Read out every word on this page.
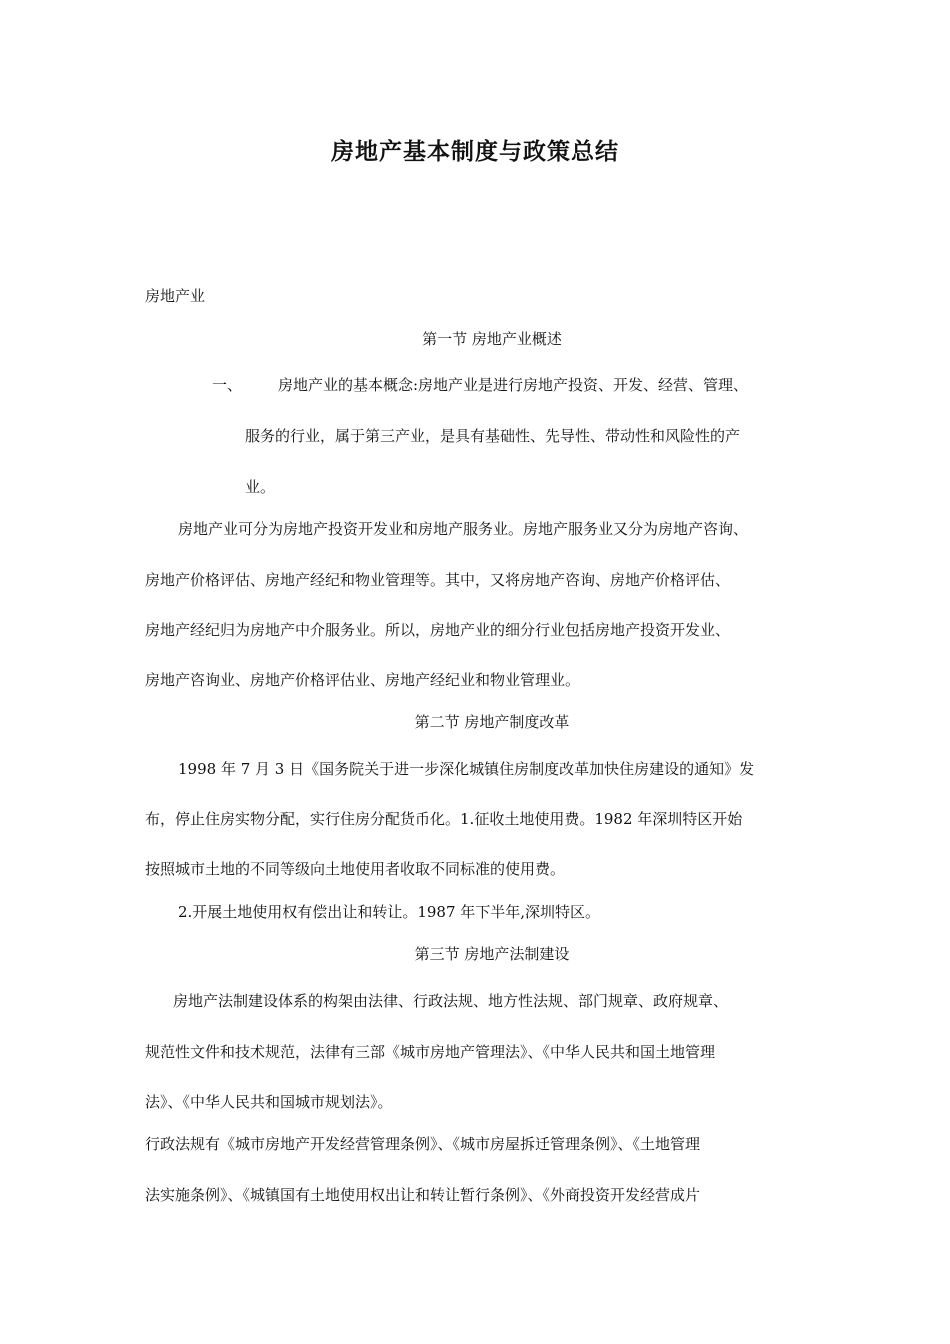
房地产基本制度与政策总结
房地产业
第一节 房地产业概述
一、 房地产业的基本概念:房地产业是进行房地产投资、开发、经营、管理、
服务的行业，属于第三产业，是具有基础性、先导性、带动性和风险性的产
业。
房地产业可分为房地产投资开发业和房地产服务业。房地产服务业又分为房地产咨询、
房地产价格评估、房地产经纪和物业管理等。其中，又将房地产咨询、房地产价格评估、
房地产经纪归为房地产中介服务业。所以，房地产业的细分行业包括房地产投资开发业、
房地产咨询业、房地产价格评估业、房地产经纪业和物业管理业。
第二节 房地产制度改革
1998 年 7 月 3 日《国务院关于进一步深化城镇住房制度改革加快住房建设的通知》发
布，停止住房实物分配，实行住房分配货币化。1.征收土地使用费。1982 年深圳特区开始
按照城市土地的不同等级向土地使用者收取不同标准的使用费。
2.开展土地使用权有偿出让和转让。1987 年下半年,深圳特区。
第三节 房地产法制建设
房地产法制建设体系的构架由法律、行政法规、地方性法规、部门规章、政府规章、
规范性文件和技术规范，法律有三部《城市房地产管理法》、《中华人民共和国土地管理
法》、《中华人民共和国城市规划法》。
行政法规有《城市房地产开发经营管理条例》、《城市房屋拆迁管理条例》、《土地管理
法实施条例》、《城镇国有土地使用权出让和转让暂行条例》、《外商投资开发经营成片
